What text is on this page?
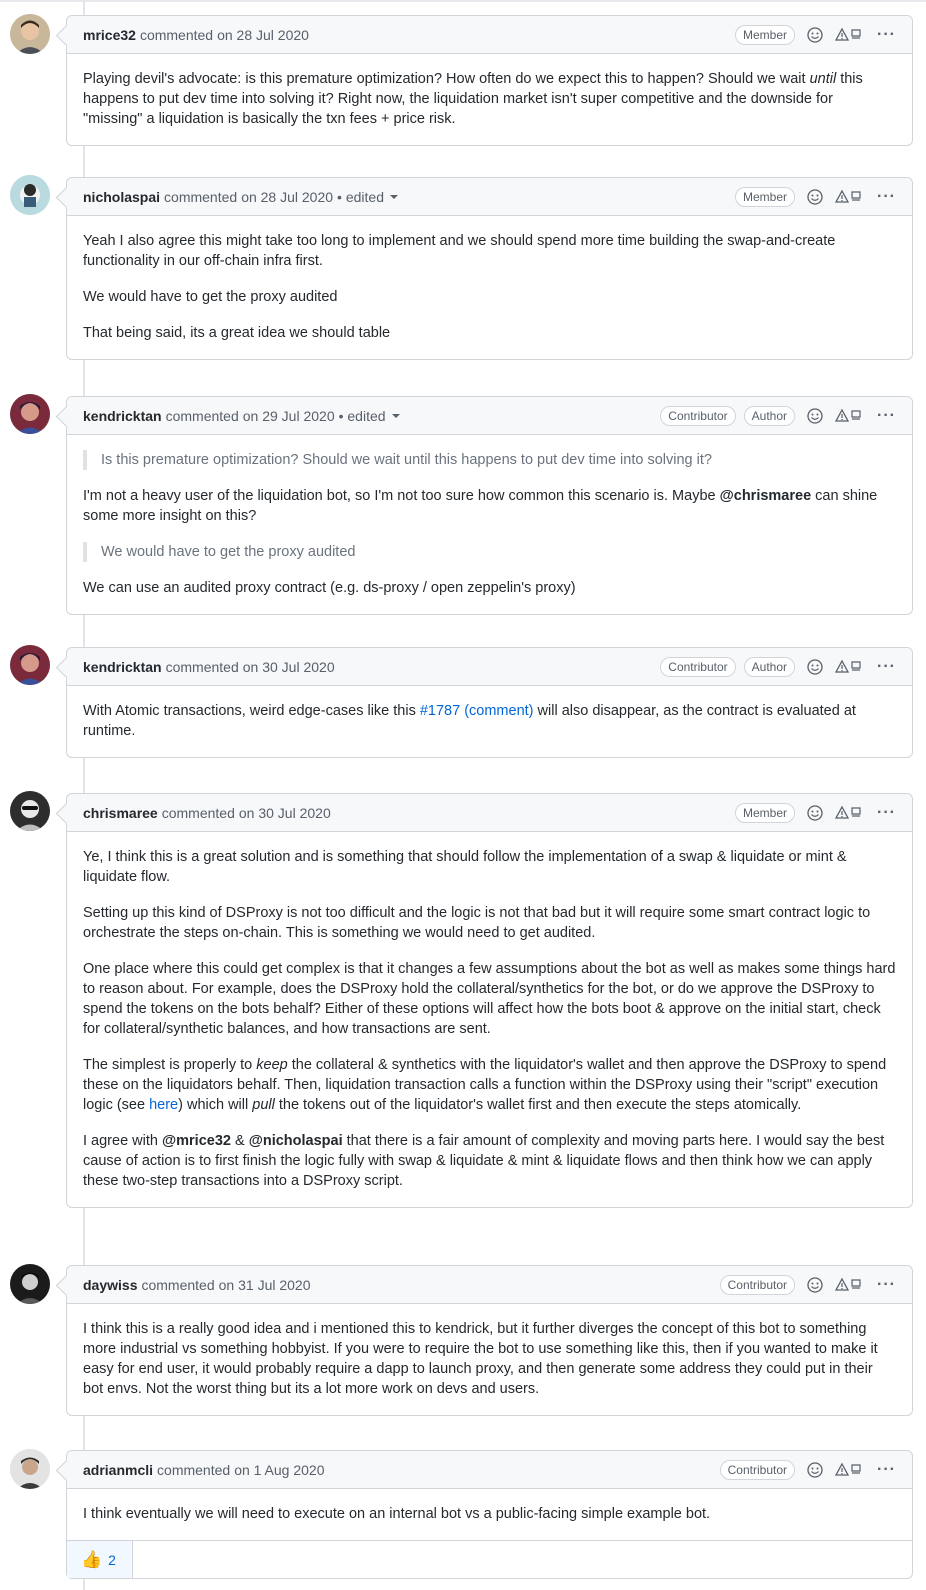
mrice32 commented on 28 Jul 2020	Member	···

Playing devil's advocate: is this premature optimization? How often do we expect this to happen? Should we wait until this happens to put dev time into solving it? Right now, the liquidation market isn't super competitive and the downside for "missing" a liquidation is basically the txn fees + price risk.

nicholaspai commented on 28 Jul 2020 • edited	Member	···

Yeah I also agree this might take too long to implement and we should spend more time building the swap-and-create functionality in our off-chain infra first.

We would have to get the proxy audited

That being said, its a great idea we should table

kendricktan commented on 29 Jul 2020 • edited	Contributor	Author	···
Is this premature optimization? Should we wait until this happens to put dev time into solving it?

I'm not a heavy user of the liquidation bot, so I'm not too sure how common this scenario is. Maybe @chrismaree can shine some more insight on this?

We would have to get the proxy audited

We can use an audited proxy contract (e.g. ds-proxy / open zeppelin's proxy)

kendricktan commented on 30 Jul 2020	Contributor	Author	···

With Atomic transactions, weird edge-cases like this #1787 (comment) will also disappear, as the contract is evaluated at runtime.

chrismaree commented on 30 Jul 2020	Member	···

Ye, I think this is a great solution and is something that should follow the implementation of a swap & liquidate or mint & liquidate flow.

Setting up this kind of DSProxy is not too difficult and the logic is not that bad but it will require some smart contract logic to orchestrate the steps on-chain. This is something we would need to get audited.

One place where this could get complex is that it changes a few assumptions about the bot as well as makes some things hard to reason about. For example, does the DSProxy hold the collateral/synthetics for the bot, or do we approve the DSProxy to spend the tokens on the bots behalf? Either of these options will affect how the bots boot & approve on the initial start, check for collateral/synthetic balances, and how transactions are sent.

The simplest is properly to keep the collateral & synthetics with the liquidator's wallet and then approve the DSProxy to spend these on the liquidators behalf. Then, liquidation transaction calls a function within the DSProxy using their "script" execution logic (see here) which will pull the tokens out of the liquidator's wallet first and then execute the steps atomically.

I agree with @mrice32 & @nicholaspai that there is a fair amount of complexity and moving parts here. I would say the best cause of action is to first finish the logic fully with swap & liquidate & mint & liquidate flows and then think how we can apply these two-step transactions into a DSProxy script.

daywiss commented on 31 Jul 2020	Contributor	···

I think this is a really good idea and i mentioned this to kendrick, but it further diverges the concept of this bot to something more industrial vs something hobbyist. If you were to require the bot to use something like this, then if you wanted to make it easy for end user, it would probably require a dapp to launch proxy, and then generate some address they could put in their bot envs. Not the worst thing but its a lot more work on devs and users.

adrianmcli commented on 1 Aug 2020	Contributor	···

I think eventually we will need to execute on an internal bot vs a public-facing simple example bot.

👍 2
